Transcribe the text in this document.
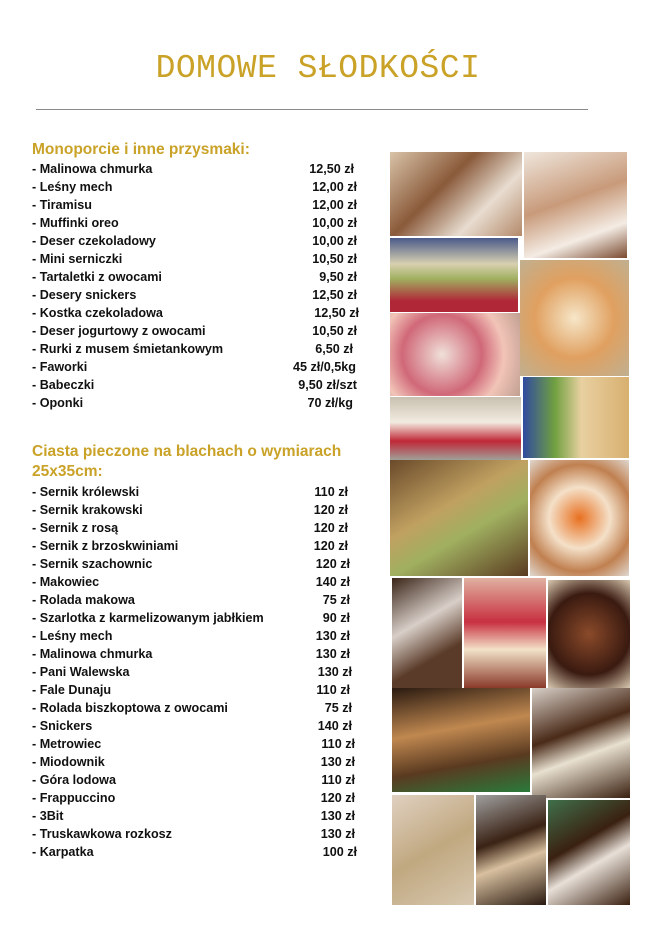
DOMOWE SŁODKOŚCI
Monoporcie i inne przysmaki:
- Malinowa chmurka	12,50 zł
- Leśny mech	12,00 zł
- Tiramisu	12,00 zł
- Muffinki oreo	10,00 zł
- Deser czekoladowy	10,00 zł
- Mini serniczki	10,50 zł
- Tartaletki z owocami	9,50 zł
- Desery snickers	12,50 zł
- Kostka czekoladowa	12,50 zł
- Deser jogurtowy z owocami	10,50 zł
- Rurki z musem śmietankowym	6,50 zł
- Faworki	45 zł/0,5kg
- Babeczki	9,50 zł/szt
- Oponki	70 zł/kg
Ciasta pieczone na blachach o wymiarach
25x35cm:
- Sernik królewski	110 zł
- Sernik krakowski	120 zł
- Sernik z rosą	120 zł
- Sernik z brzoskwiniami	120 zł
- Sernik szachownic	120 zł
- Makowiec	140 zł
- Rolada makowa	75 zł
- Szarlotka z karmelizowanym jabłkiem	90 zł
- Leśny mech	130 zł
- Malinowa chmurka	130 zł
- Pani Walewska	130 zł
- Fale Dunaju	110 zł
- Rolada biszkoptowa z owocami	75 zł
- Snickers	140 zł
- Metrowiec	110 zł
- Miodownik	130 zł
- Góra lodowa	110 zł
- Frappuccino	120 zł
- 3Bit	130 zł
- Truskawkowa rozkosz	130 zł
- Karpatka	100 zł
